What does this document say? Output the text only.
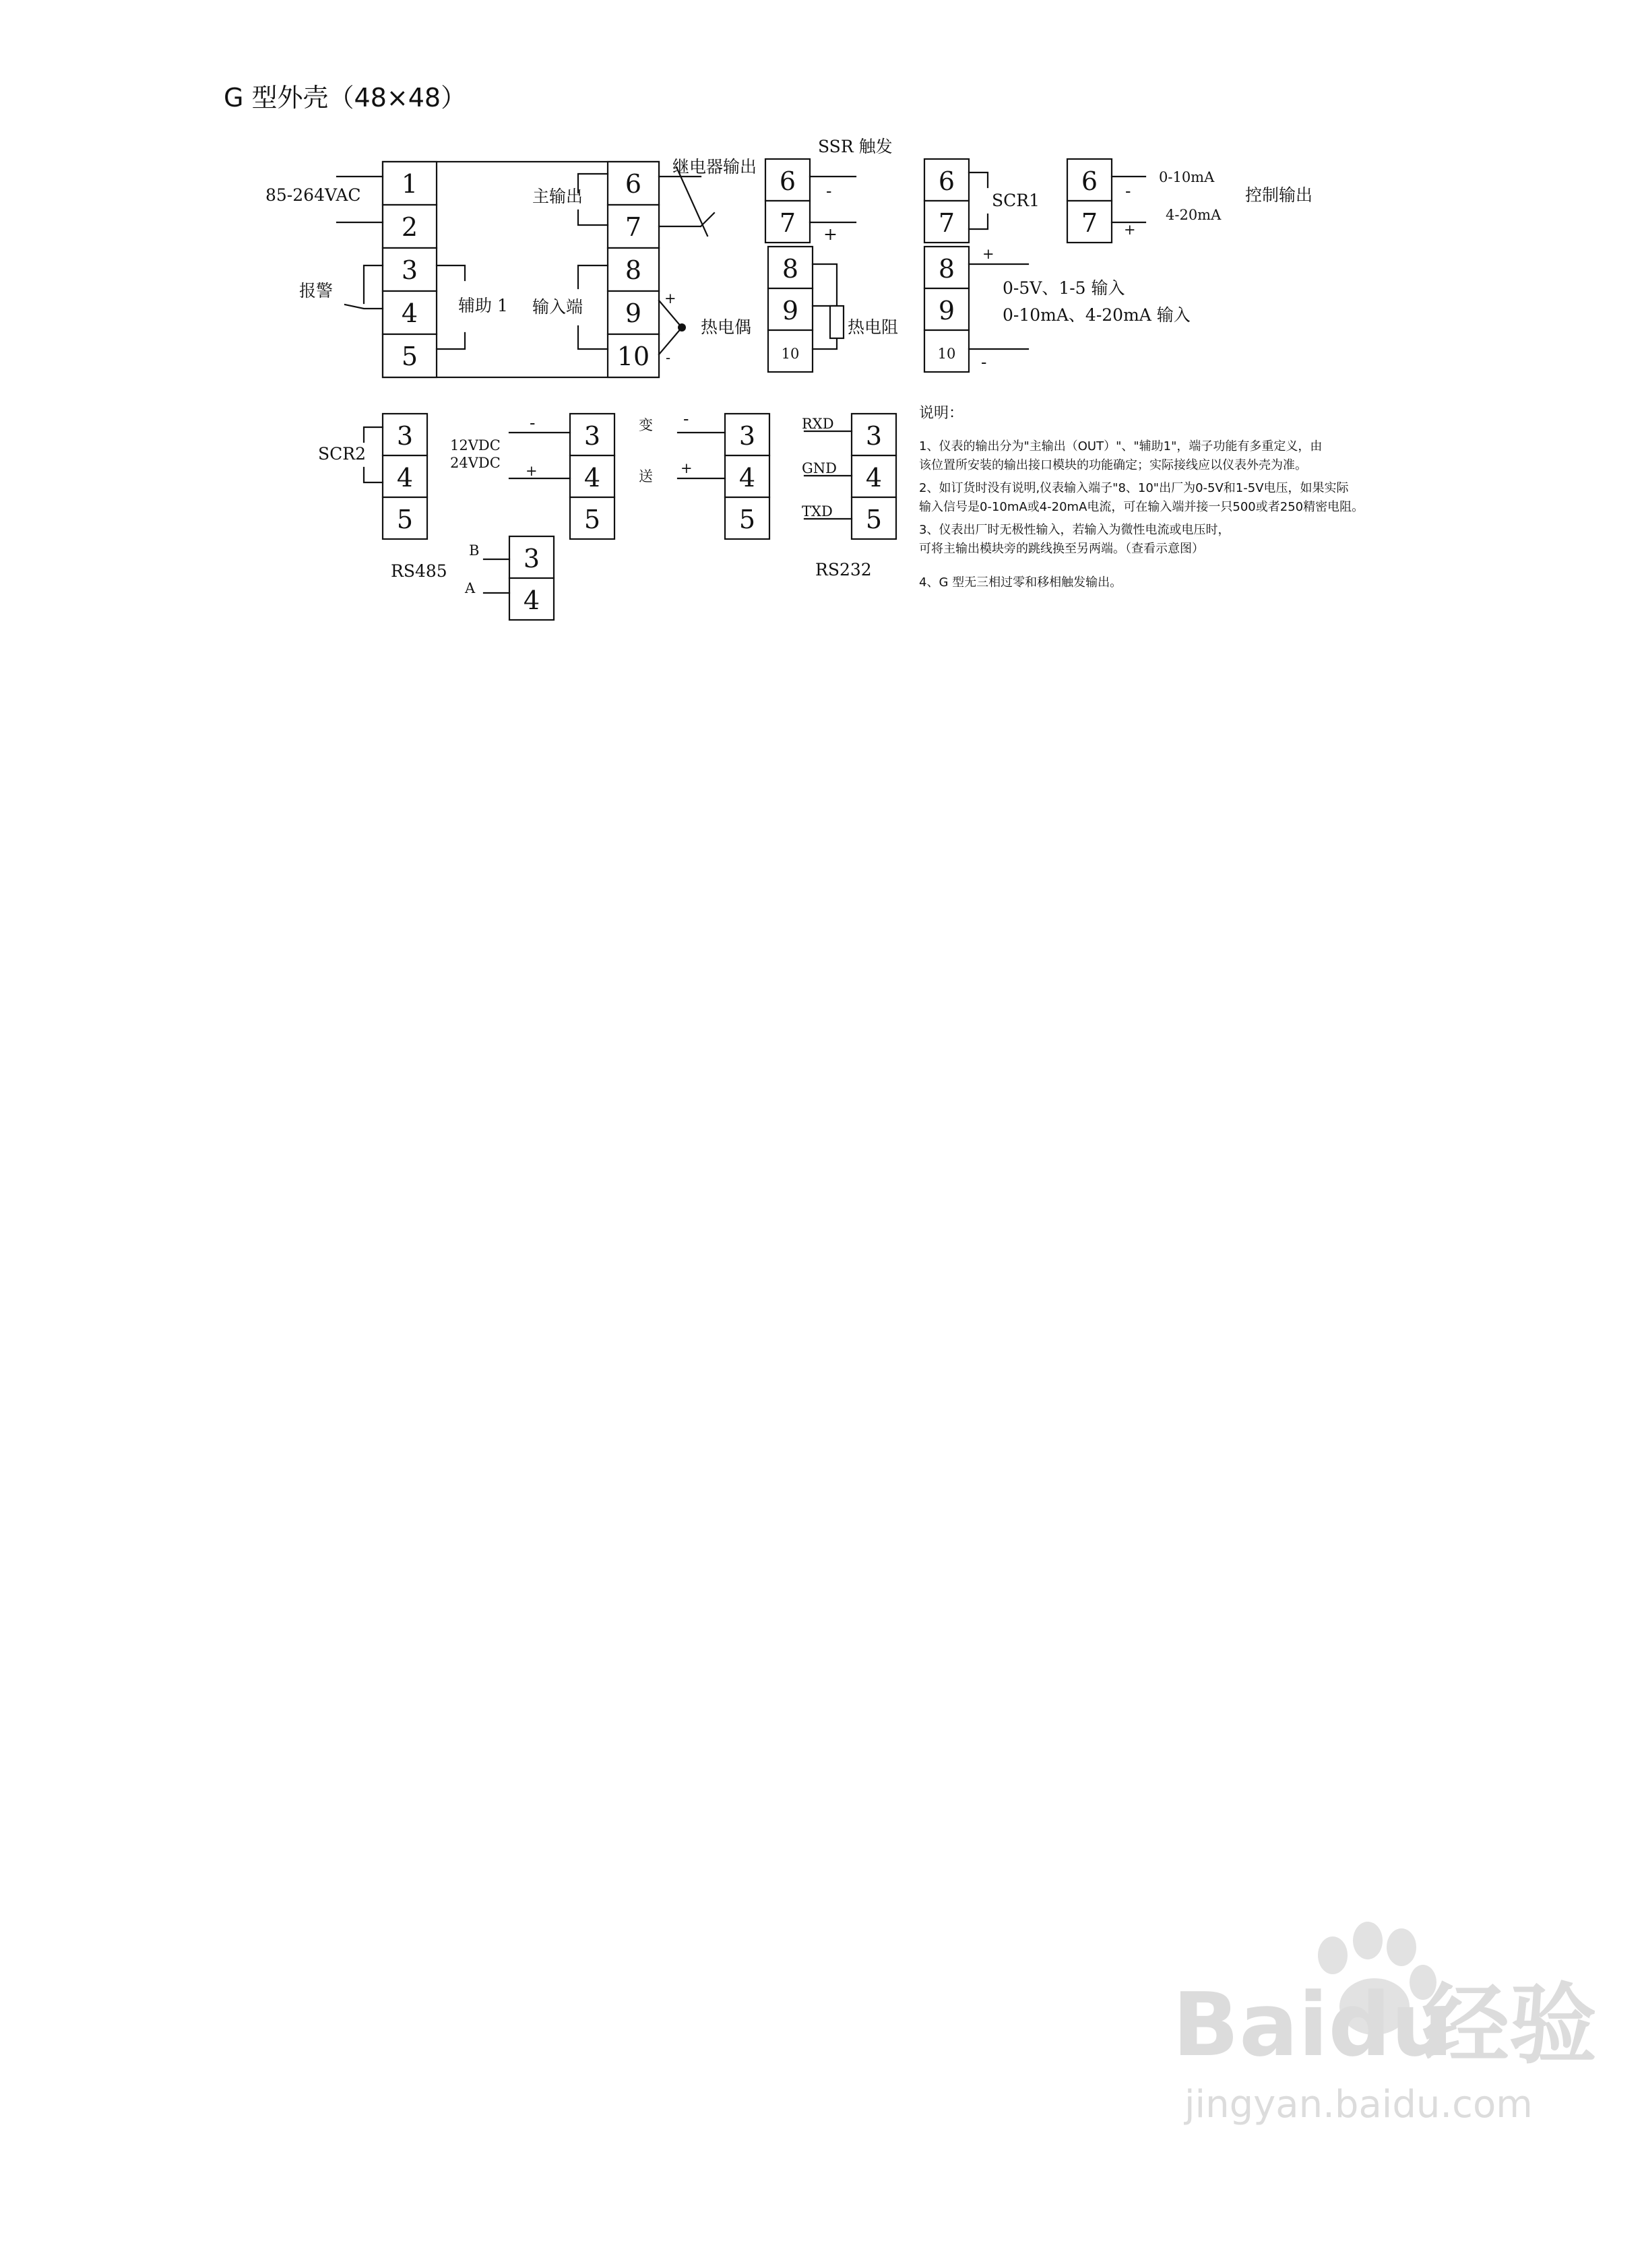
G 型外壳（48×48）
1
2
3
4
5
6
7
8
9
10
85-264VAC
报警
辅助 1
主输出
输入端
继电器输出
+
-
热电偶
SSR 触发
6
7
-
+
8
9
10
热电阻
6
7
SCR1
8
9
10
+
-
0-5V、1-5 输入
0-10mA、4-20mA 输入
6
7
-
+
0-10mA
4-20mA
控制输出
3
4
5
SCR2
3
4
5
-
+
12VDC
24VDC
3
4
5
-
+
变
送
3
4
5
RXD
GND
TXD
RS232
3
4
B
A
RS485
说明：
1、仪表的输出分为"主输出（OUT）"、"辅助1"，端子功能有多重定义，由
该位置所安装的输出接口模块的功能确定；实际接线应以仪表外壳为准。
2、如订货时没有说明,仪表输入端子"8、10"出厂为0-5V和1-5V电压，如果实际
输入信号是0-10mA或4-20mA电流，可在输入端并接一只500或者250精密电阻。
3、仪表出厂时无极性输入，若输入为微性电流或电压时，
可将主输出模块旁的跳线换至另两端。（查看示意图）
4、G 型无三相过零和移相触发输出。
Baidu
经验
jingyan.baidu.com
